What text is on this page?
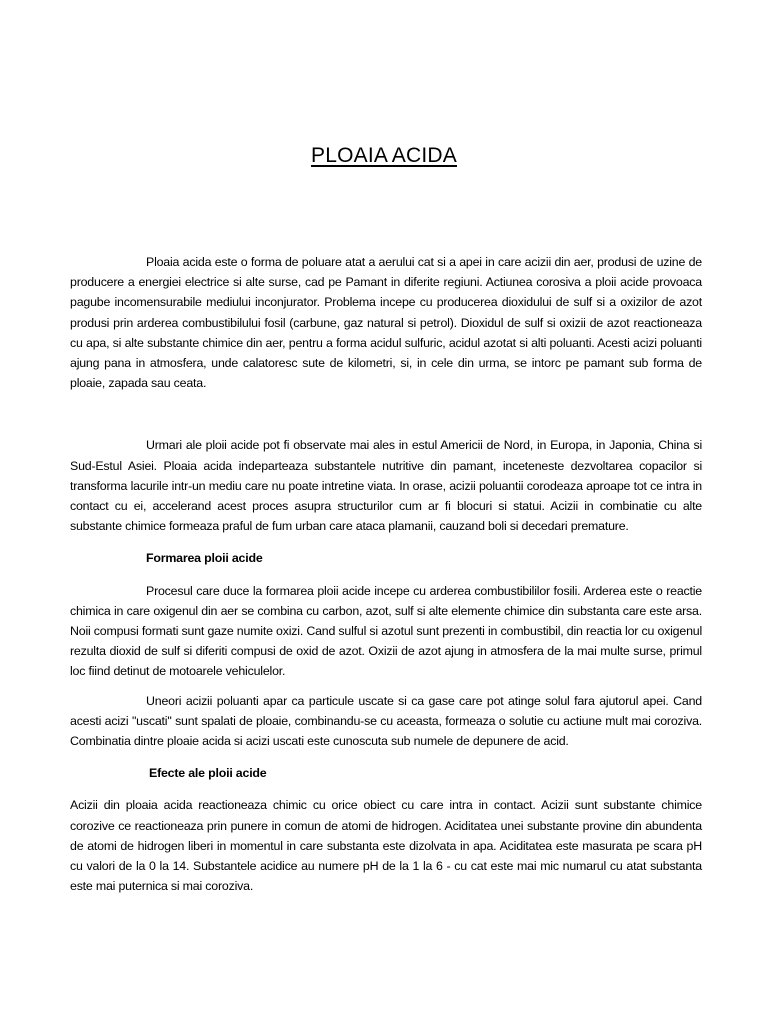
PLOAIA ACIDA

Ploaia acida este o forma de poluare atat a aerului cat si a apei in care acizii din aer, produsi de uzine de producere a energiei electrice si alte surse, cad pe Pamant in diferite regiuni. Actiunea corosiva a ploii acide provoaca pagube incomensurabile mediului inconjurator. Problema incepe cu producerea dioxidului de sulf si a oxizilor de azot produsi prin arderea combustibilului fosil (carbune, gaz natural si petrol). Dioxidul de sulf si oxizii de azot reactioneaza cu apa, si alte substante chimice din aer, pentru a forma acidul sulfuric, acidul azotat si alti poluanti. Acesti acizi poluanti ajung pana in atmosfera, unde calatoresc sute de kilometri, si, in cele din urma, se intorc pe pamant sub forma de ploaie, zapada sau ceata.

Urmari ale ploii acide pot fi observate mai ales in estul Americii de Nord, in Europa, in Japonia, China si Sud-Estul Asiei. Ploaia acida indeparteaza substantele nutritive din pamant, inceteneste dezvoltarea copacilor si transforma lacurile intr-un mediu care nu poate intretine viata. In orase, acizii poluantii corodeaza aproape tot ce intra in contact cu ei, accelerand acest proces asupra structurilor cum ar fi blocuri si statui. Acizii in combinatie cu alte substante chimice formeaza praful de fum urban care ataca plamanii, cauzand boli si decedari premature.

Formarea ploii acide

Procesul care duce la formarea ploii acide incepe cu arderea combustibililor fosili. Arderea este o reactie chimica in care oxigenul din aer se combina cu carbon, azot, sulf si alte elemente chimice din substanta care este arsa. Noii compusi formati sunt gaze numite oxizi. Cand sulful si azotul sunt prezenti in combustibil, din reactia lor cu oxigenul rezulta dioxid de sulf si diferiti compusi de oxid de azot. Oxizii de azot ajung in atmosfera de la mai multe surse, primul loc fiind detinut de motoarele vehiculelor.

Uneori acizii poluanti apar ca particule uscate si ca gase care pot atinge solul fara ajutorul apei. Cand acesti acizi "uscati" sunt spalati de ploaie, combinandu-se cu aceasta, formeaza o solutie cu actiune mult mai coroziva. Combinatia dintre ploaie acida si acizi uscati este cunoscuta sub numele de depunere de acid.

Efecte ale ploii acide

Acizii din ploaia acida reactioneaza chimic cu orice obiect cu care intra in contact. Acizii sunt substante chimice corozive ce reactioneaza prin punere in comun de atomi de hidrogen. Aciditatea unei substante provine din abundenta de atomi de hidrogen liberi in momentul in care substanta este dizolvata in apa. Aciditatea este masurata pe scara pH cu valori de la 0 la 14. Substantele acidice au numere pH de la 1 la 6 - cu cat este mai mic numarul cu atat substanta este mai puternica si mai coroziva.
